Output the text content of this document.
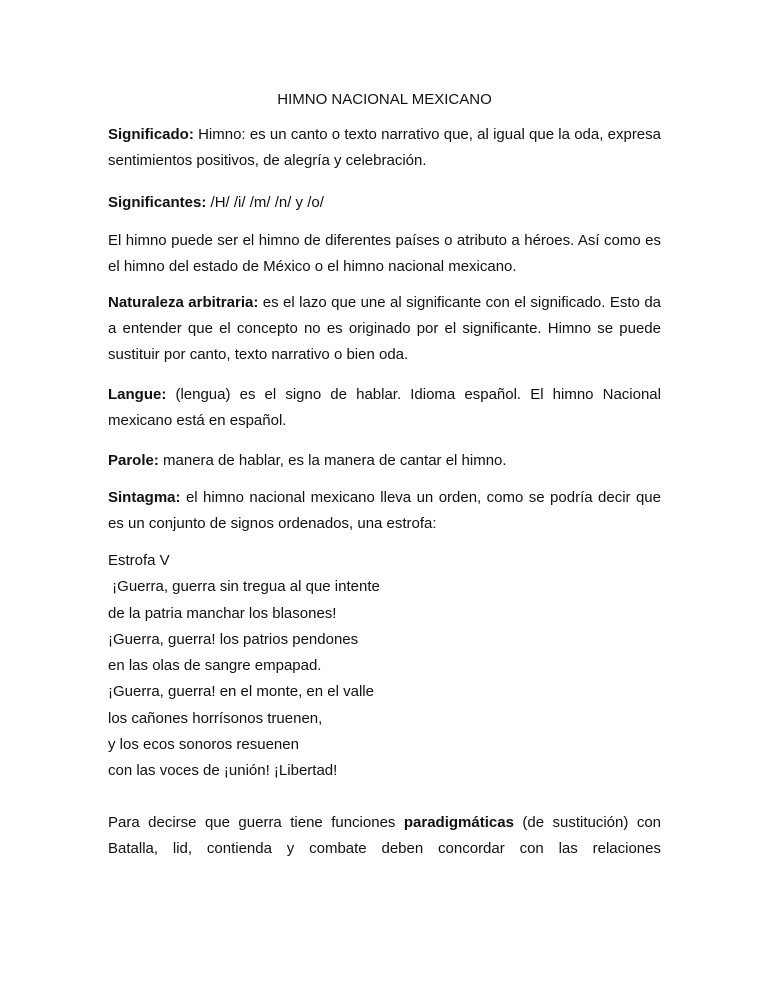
HIMNO NACIONAL MEXICANO

Significado: Himno: es un canto o texto narrativo que, al igual que la oda, expresa sentimientos positivos, de alegría y celebración.

Significantes: /H/ /i/ /m/ /n/ y /o/

El himno puede ser el himno de diferentes países o atributo a héroes. Así como es el himno del estado de México o el himno nacional mexicano.

Naturaleza arbitraria: es el lazo que une al significante con el significado. Esto da a entender que el concepto no es originado por el significante. Himno se puede sustituir por canto, texto narrativo o bien oda.

Langue: (lengua) es el signo de hablar. Idioma español. El himno Nacional mexicano está en español.

Parole: manera de hablar, es la manera de cantar el himno.

Sintagma: el himno nacional mexicano lleva un orden, como se podría decir que es un conjunto de signos ordenados, una estrofa:

Estrofa V
¡Guerra, guerra sin tregua al que intente
de la patria manchar los blasones!
¡Guerra, guerra! los patrios pendones
en las olas de sangre empapad.
¡Guerra, guerra! en el monte, en el valle
los cañones horrísonos truenen,
y los ecos sonoros resuenen
con las voces de ¡unión! ¡Libertad!

Para decirse que guerra tiene funciones paradigmáticas (de sustitución) con Batalla, lid, contienda y combate deben concordar con las relaciones
